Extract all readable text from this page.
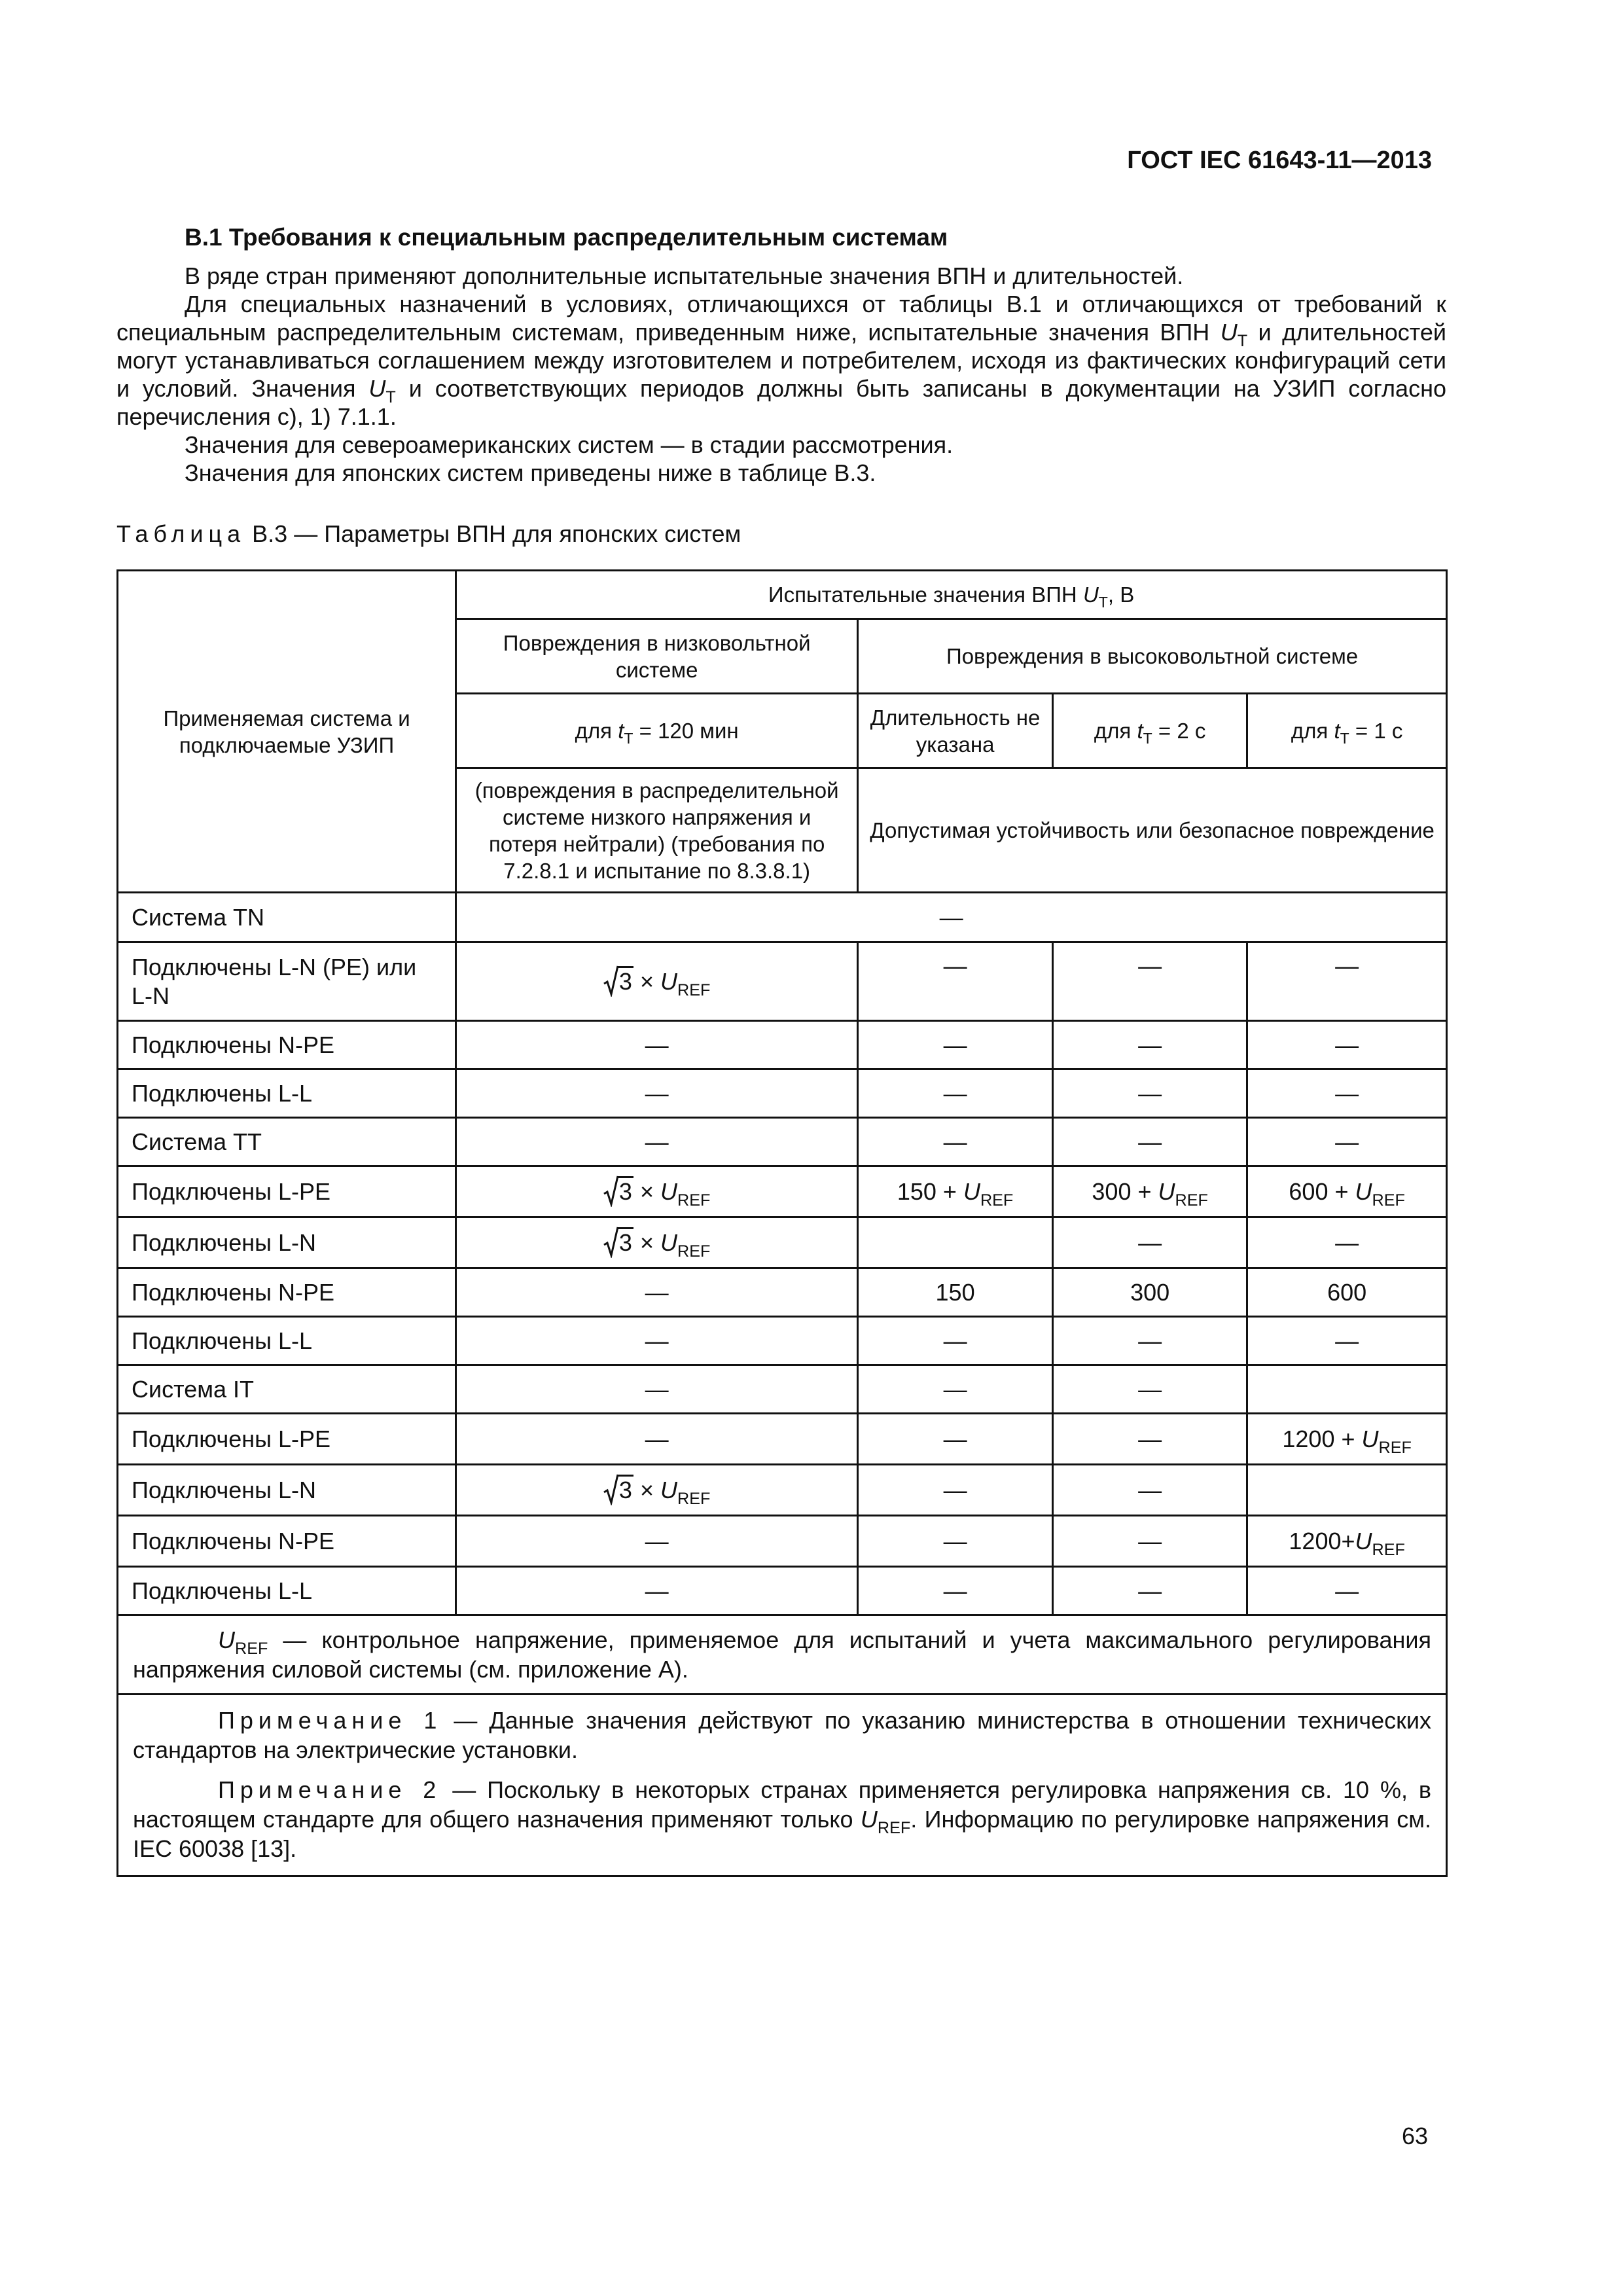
ГОСТ IEC 61643-11—2013
В.1 Требования к специальным распределительным системам

В ряде стран применяют дополнительные испытательные значения ВПН и длительностей.

Для специальных назначений в условиях, отличающихся от таблицы В.1 и отличающихся от требований к специальным распределительным системам, приведенным ниже, испытательные значения ВПН $U_T$ и длительностей могут устанавливаться соглашением между изготовителем и потребителем, исходя из фактических конфигураций сети и условий. Значения $U_T$ и соответствующих периодов должны быть записаны в документации на УЗИП согласно перечисления с), 1) 7.1.1.

Значения для североамериканских систем — в стадии рассмотрения.

Значения для японских систем приведены ниже в таблице В.3.

Таблица В.3 — Параметры ВПН для японских систем
Применяемая система и подключаемые УЗИП	Испытательные значения ВПН $U_T$, В			
	Повреждения в низковольтной системе	Повреждения в высоковольтной системе		
	для $t_T = 120$ мин	Длительность не указана	для $t_T = 2$ с	для $t_T = 1$ с
	(повреждения в распределительной системе низкого напряжения и потеря нейтрали) (требования по 7.2.8.1 и испытание по 8.3.8.1)	Допустимая устойчивость или безопасное повреждение		
Система TN	—			
Подключены L-N (PE) или L-N	$3 \times U_{REF}$	—	—	—
Подключены N-PE	—	—	—	—
Подключены L-L	—	—	—	—
Система TT	—	—	—	—
Подключены L-PE	$3 \times U_{REF}$	$150 + U_{REF}$	$300 + U_{REF}$	$600 + U_{REF}$
Подключены L-N	$3 \times U_{REF}$		—	—
Подключены N-PE	—	150	300	600
Подключены L-L	—	—	—	—
Система IT	—	—	—	
Подключены L-PE	—	—	—	$1200 + U_{REF}$
Подключены L-N	$3 \times U_{REF}$	—	—	
Подключены N-PE	—	—	—	$1200+U_{REF}$
Подключены L-L	—	—	—	—

$U_{REF}$ — контрольное напряжение, применяемое для испытаний и учета максимального регулирования напряжения силовой системы (см. приложение А).				

Примечание 1 — Данные значения действуют по указанию министерства в отношении технических стандартов на электрические установки.

Примечание 2 — Поскольку в некоторых странах применяется регулировка напряжения св. 10 %, в настоящем стандарте для общего назначения применяют только $U_{REF}$. Информацию по регулировке напряжения см. IEC 60038 [13].				

63
